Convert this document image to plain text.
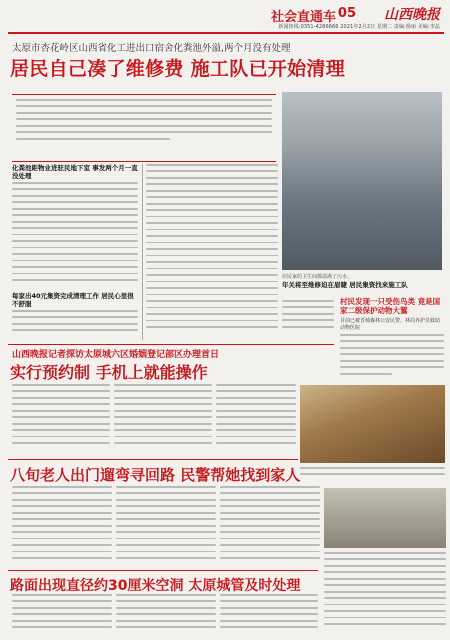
社会直通车 05 山西晚报
新闻热线:0351-4286666 2021年2月2日 星期二 责编:杨丽 美编:李晶
太原市杏花岭区山西省化工进出口宿舍化粪池外溢,两个月没有处理
居民自己凑了维修费 施工队已开始清理
居民家的卫生间都溢满了污水。
化粪池距物业进驻民地下室 事发两个月一直没处理
每家出40元集资完成清理工作 居民心里很不舒服
年关将至维修迫在眉睫 居民集资找来施工队
村民发现一只受伤鸟类 竟是国家二级保护动物大鵟
目前已被晋城森林公安民警、林局养护员救助动物医院
山西晚报记者探访太原城六区婚姻登记部区办理首日
实行预约制 手机上就能操作
八旬老人出门遛弯寻回路 民警帮她找到家人
路面出现直径约30厘米空洞 太原城管及时处理
